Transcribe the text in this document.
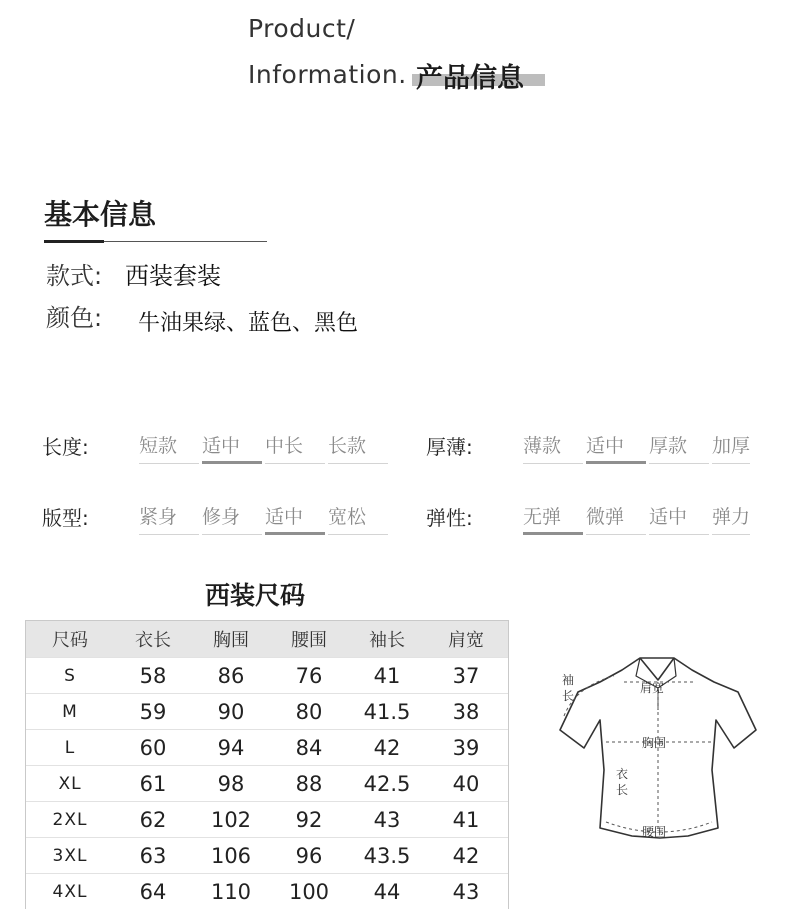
Product/
Information. 产品信息
基本信息
款式: 西装套装
颜色: 牛油果绿、蓝色、黑色
长度:	短款	适中	中长	长款	厚薄:	薄款	适中	厚款	加厚
版型:	紧身	修身	适中	宽松	弹性:	无弹	微弹	适中	弹力
西装尺码
尺码	衣长	胸围	腰围	袖长	肩宽
S	58	86	76	41	37
M	59	90	80	41.5	38
L	60	94	84	42	39
XL	61	98	88	42.5	40
2XL	62	102	92	43	41
3XL	63	106	96	43.5	42
4XL	64	110	100	44	43
肩宽
胸围
腰围
衣
长
袖
长
